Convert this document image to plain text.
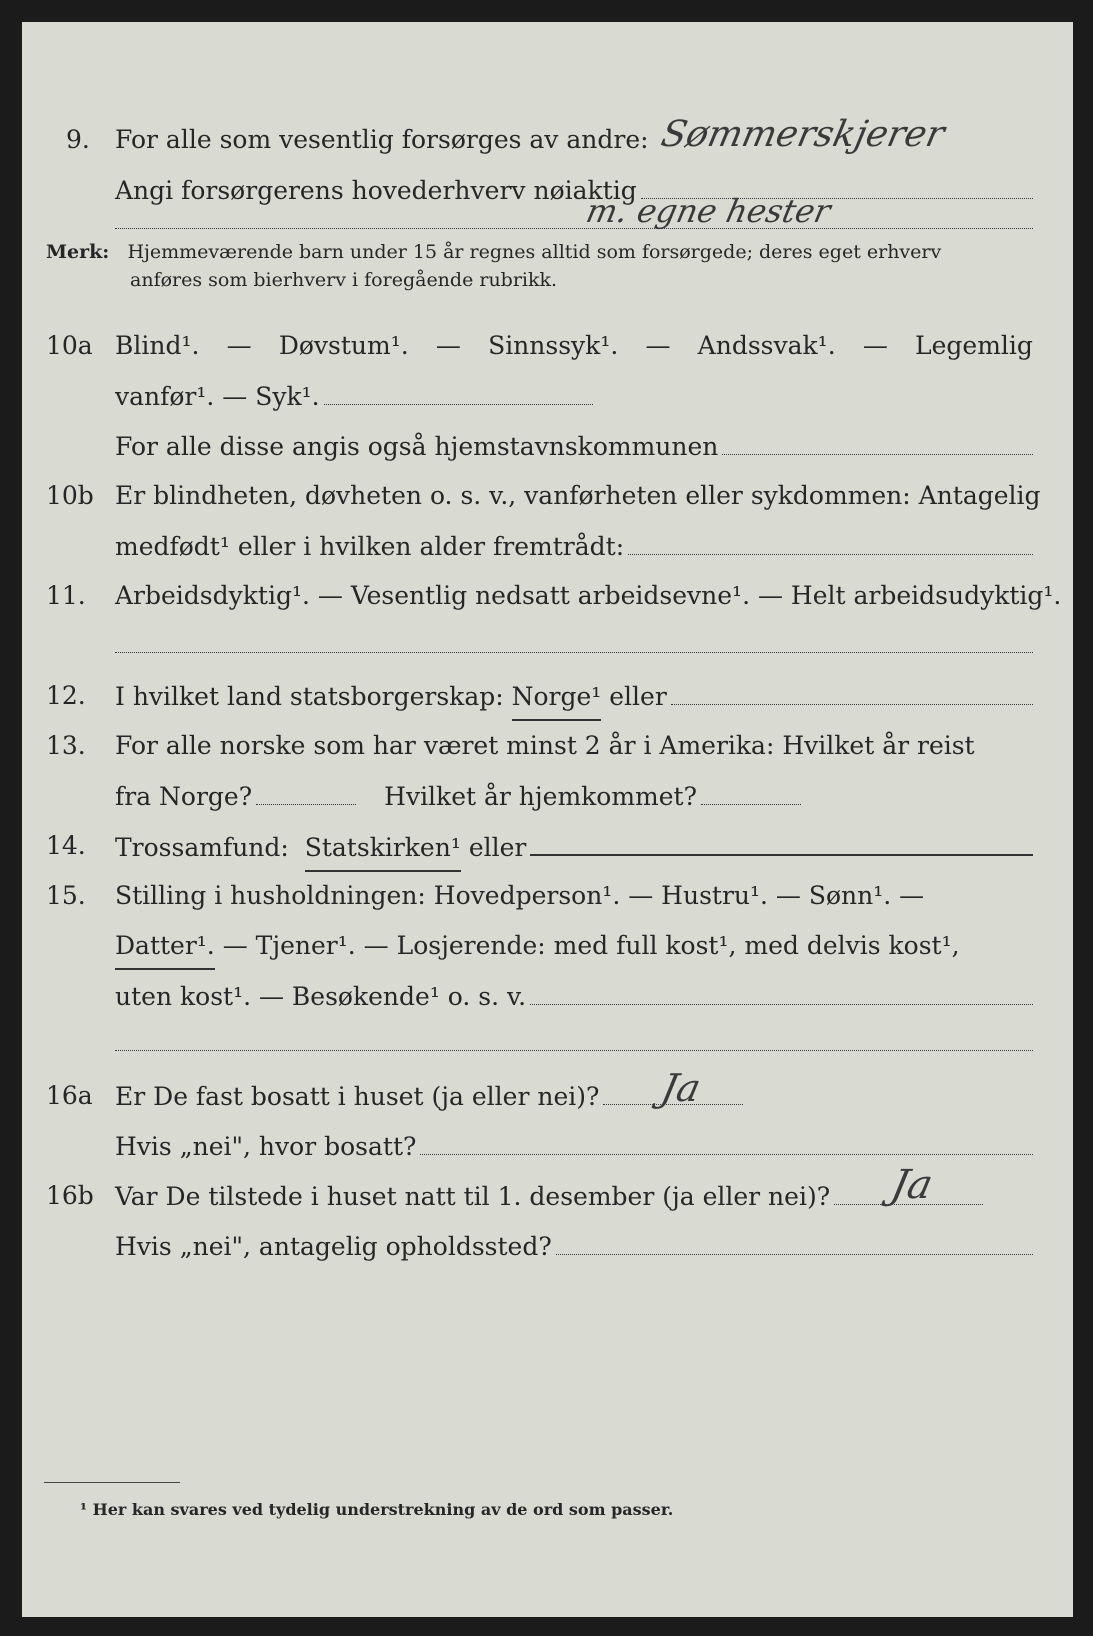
9. For alle som vesentlig forsørges av andre: Sømmerskjerer
Angi forsørgerens hovederhverv nøiaktig
m. egne hester
Merk: Hjemmeværende barn under 15 år regnes alltid som forsørgede; deres eget erhverv
anføres som bierhverv i foregående rubrikk.
10a Blind¹. — Døvstum¹. — Sinnssyk¹. — Andssvak¹. — Legemlig
vanfør¹. — Syk¹.
For alle disse angis også hjemstavnskommunen
10b Er blindheten, døvheten o. s. v., vanførheten eller sykdommen: Antagelig
medfødt¹ eller i hvilken alder fremtrådt:
11. Arbeidsdyktig¹. — Vesentlig nedsatt arbeidsevne¹. — Helt arbeidsudyktig¹.
12. I hvilket land statsborgerskap:
Norge¹
eller
13. For alle norske som har været minst 2 år i Amerika: Hvilket år reist
fra Norge?	Hvilket år hjemkommet?
14. Trossamfund:
Statskirken¹
eller
15. Stilling i husholdningen: Hovedperson¹. — Hustru¹. — Sønn¹. —
Datter¹.
— Tjener¹. — Losjerende: med full kost¹, med delvis kost¹,
uten kost¹. — Besøkende¹ o. s. v.
16a Er De fast bosatt i huset (ja eller nei)? Ja
Hvis „nei", hvor bosatt?
16b Var De tilstede i huset natt til 1. desember (ja eller nei)? Ja
Hvis „nei", antagelig opholdssted?
¹ Her kan svares ved tydelig understrekning av de ord som passer.
